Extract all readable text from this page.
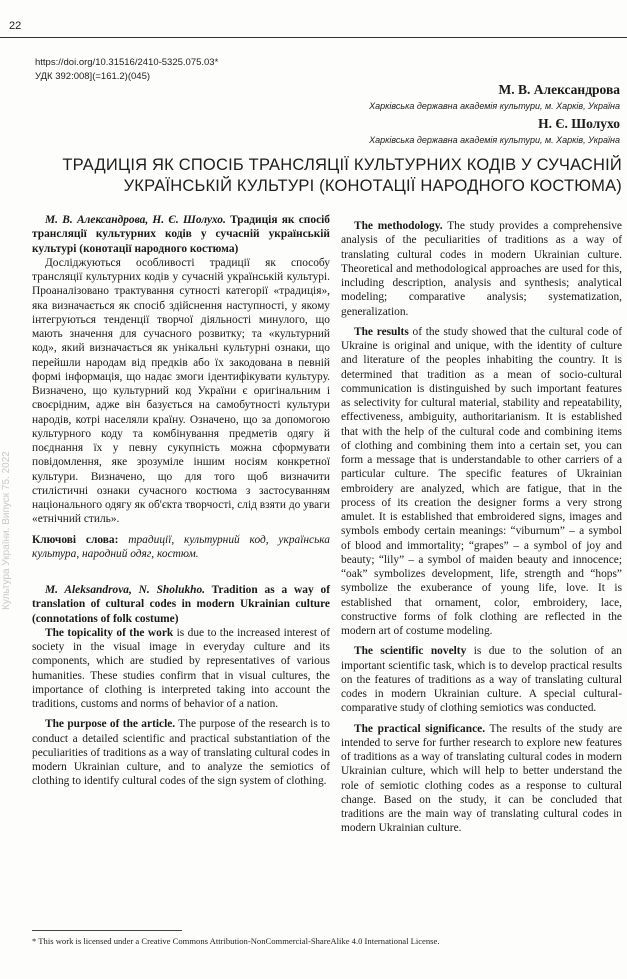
22
https://doi.org/10.31516/2410-5325.075.03*
УДК 392:008](=161.2)(045)
М. В. Александрова
Харківська державна академія культури, м. Харків, Україна
Н. Є. Шолухо
Харківська державна академія культури, м. Харків, Україна
ТРАДИЦІЯ ЯК СПОСІБ ТРАНСЛЯЦІЇ КУЛЬТУРНИХ КОДІВ У СУЧАСНІЙ
УКРАЇНСЬКІЙ КУЛЬТУРІ (КОНОТАЦІЇ НАРОДНОГО КОСТЮМА)
Культура України. Випуск 75. 2022

М. В. Александрова, Н. Є. Шолухо. Традиція як спосіб трансляції культурних кодів у сучасній українській культурі (конотації народного костюма)

Досліджуються особливості традиції як способу трансляції культурних кодів у сучасній українській культурі. Проаналізовано трактування сутності категорії «традиція», яка визначається як спосіб здійснення наступності, у якому інтегруються тенденції творчої діяльності минулого, що мають значення для сучасного розвитку; та «культурний код», який визначається як унікальні культурні ознаки, що перейшли народам від предків або їх закодована в певній формі інформація, що надає змоги ідентифікувати культуру. Визначено, що культурний код України є оригінальним і своєрідним, адже він базується на самобутності культури народів, котрі населяли країну. Означено, що за допомогою культурного коду та комбінування предметів одягу й поєднання їх у певну сукупність можна сформувати повідомлення, яке зрозуміле іншим носіям конкретної культури. Визначено, що для того щоб визначити стилістичні ознаки сучасного костюма з застосуванням національного одягу як об'єкта творчості, слід взяти до уваги «етнічний стиль».

Ключові слова: традиції, культурний код, українська культура, народний одяг, костюм.

M. Aleksandrova, N. Sholukho. Tradition as a way of translation of cultural codes in modern Ukrainian culture (connotations of folk costume)

The topicality of the work is due to the increased interest of society in the visual image in everyday culture and its components, which are studied by representatives of various humanities. These studies confirm that in visual cultures, the importance of clothing is interpreted taking into account the traditions, customs and norms of behavior of a nation.

The purpose of the article. The purpose of the research is to conduct a detailed scientific and practical substantiation of the peculiarities of traditions as a way of translating cultural codes in modern Ukrainian culture, and to analyze the semiotics of clothing to identify cultural codes of the sign system of clothing.

The methodology. The study provides a comprehensive analysis of the peculiarities of traditions as a way of translating cultural codes in modern Ukrainian culture. Theoretical and methodological approaches are used for this, including description, analysis and synthesis; analytical modeling; comparative analysis; systematization, generalization.

The results of the study showed that the cultural code of Ukraine is original and unique, with the identity of culture and literature of the peoples inhabiting the country. It is determined that tradition as a mean of socio-cultural communication is distinguished by such important features as selectivity for cultural material, stability and repeatability, effectiveness, ambiguity, authoritarianism. It is established that with the help of the cultural code and combining items of clothing and combining them into a certain set, you can form a message that is understandable to other carriers of a particular culture. The specific features of Ukrainian embroidery are analyzed, which are fatigue, that in the process of its creation the designer forms a very strong amulet. It is established that embroidered signs, images and symbols embody certain meanings: “viburnum” – a symbol of blood and immortality; “grapes” – a symbol of joy and beauty; “lily” – a symbol of maiden beauty and innocence; “oak” symbolizes development, life, strength and “hops” symbolize the exuberance of young life, love. It is established that ornament, color, embroidery, lace, constructive forms of folk clothing are reflected in the modern art of costume modeling.

The scientific novelty is due to the solution of an important scientific task, which is to develop practical results on the features of traditions as a way of translating cultural codes in modern Ukrainian culture. A special cultural-comparative study of clothing semiotics was conducted.

The practical significance. The results of the study are intended to serve for further research to explore new features of traditions as a way of translating cultural codes in modern Ukrainian culture, which will help to better understand the role of semiotic clothing codes as a response to cultural change. Based on the study, it can be concluded that traditions are the main way of translating cultural codes in modern Ukrainian culture.

* This work is licensed under a Creative Commons Attribution-NonCommercial-ShareAlike 4.0 International License.
